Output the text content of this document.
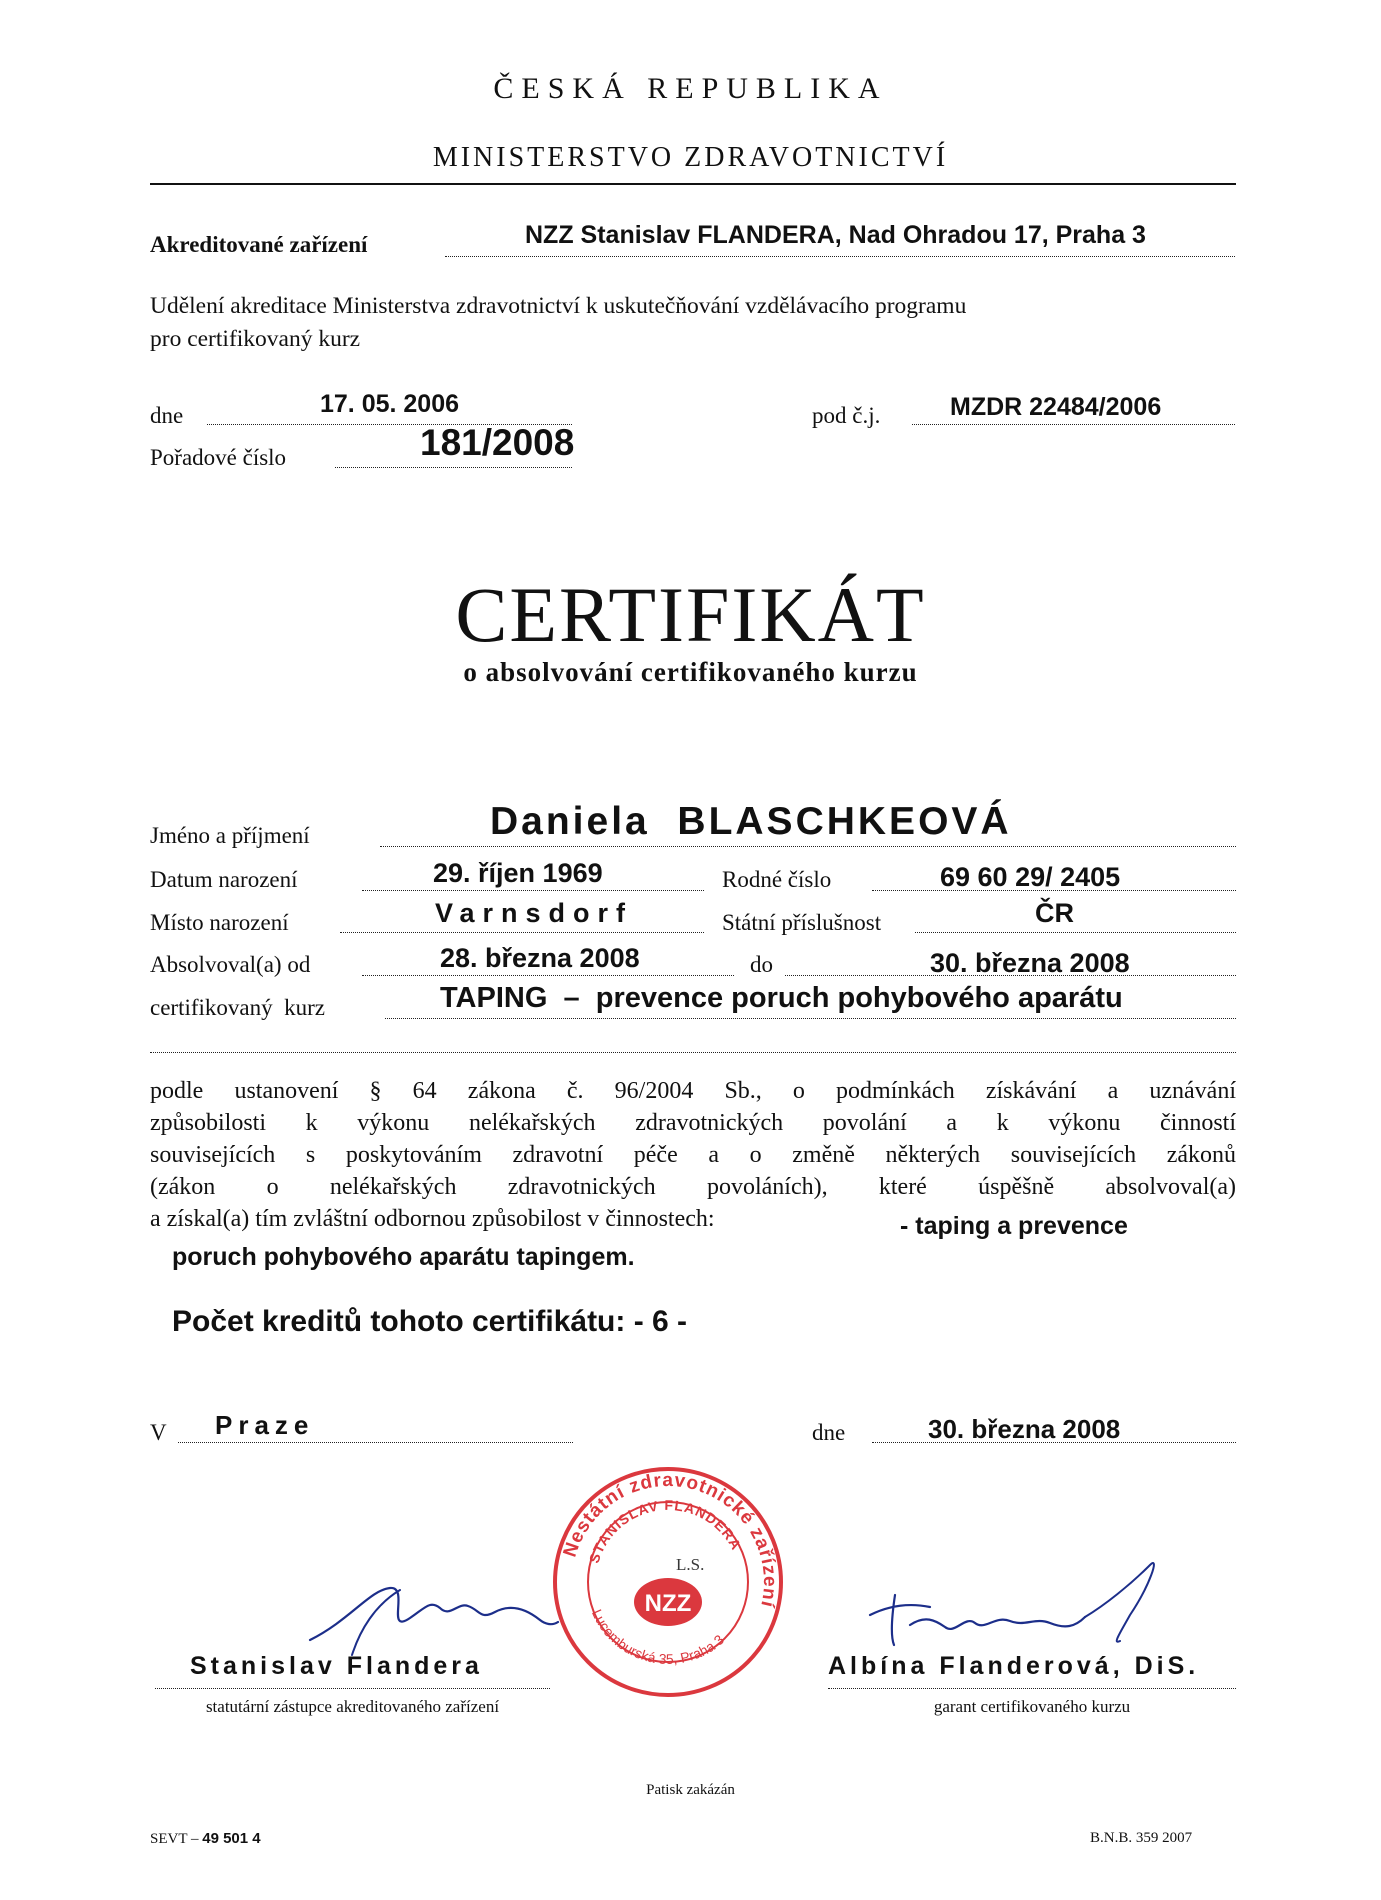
ČESKÁ REPUBLIKA
MINISTERSTVO ZDRAVOTNICTVÍ
Akreditované zařízení	NZZ Stanislav FLANDERA, Nad Ohradou 17, Praha 3
Udělení akreditace Ministerstva zdravotnictví k uskutečňování vzdělávacího programu
pro certifikovaný kurz
dne	17. 05. 2006	pod č.j.	MZDR 22484/2006
Pořadové číslo	181/2008
CERTIFIKÁT
o absolvování certifikovaného kurzu
Jméno a příjmení	Daniela  BLASCHKEOVÁ
Datum narození	29. říjen 1969	Rodné číslo	69 60 29/ 2405
Místo narození	Varnsdorf	Státní příslušnost	ČR
Absolvoval(a) od	28. března 2008	do	30. března 2008
certifikovaný  kurz	TAPING  –  prevence poruch pohybového aparátu
podle ustanovení § 64 zákona č. 96/2004 Sb., o podmínkách získávání a uznávání
způsobilosti k výkonu nelékařských zdravotnických povolání a k výkonu činností
souvisejících s poskytováním zdravotní péče a o změně některých souvisejících zákonů
(zákon o nelékařských zdravotnických povoláních), které úspěšně absolvoval(a)
a získal(a) tím zvláštní odbornou způsobilost v činnostech:	- taping a prevence
poruch pohybového aparátu tapingem.
Počet kreditů tohoto certifikátu: - 6 -
V Praze	dne	30. března 2008
Nestátní zdravotnické zařízení
STANISLAV FLANDERA
Lucemburská 35, Praha 3
L.S.
NZZ
Stanislav Flandera
statutární zástupce akreditovaného zařízení
Albína Flanderová, DiS.
garant certifikovaného kurzu
Patisk zakázán
SEVT – 49 501 4	B.N.B. 359 2007
